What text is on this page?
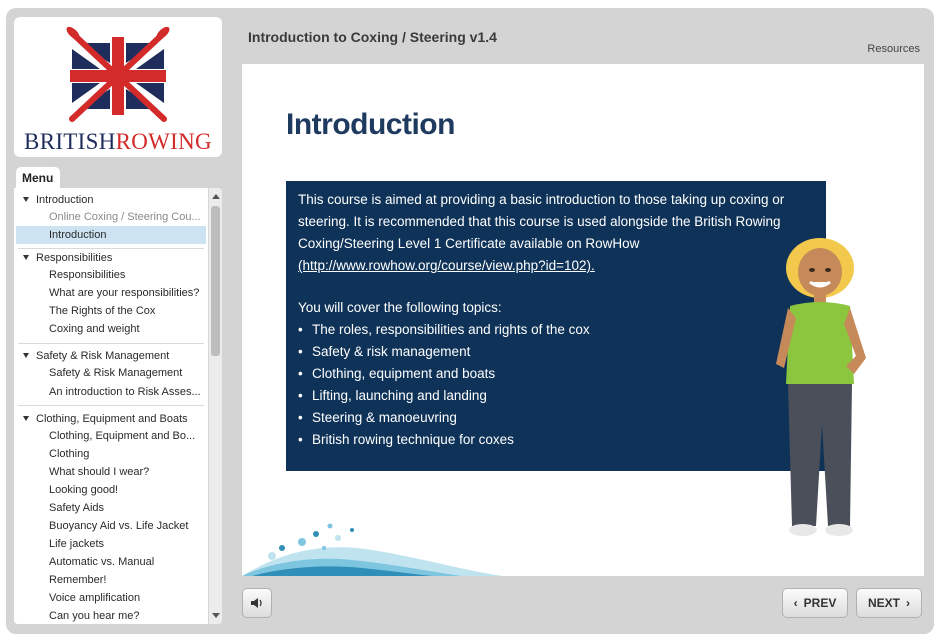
BRITISHROWING
Menu
Introduction
Online Coxing / Steering Cou...
Introduction
Responsibilities
Responsibilities
What are your responsibilities?
The Rights of the Cox
Coxing and weight
Safety & Risk Management
Safety & Risk Management
An introduction to Risk Asses...
Clothing, Equipment and Boats
Clothing, Equipment and Bo...
Clothing
What should I wear?
Looking good!
Safety Aids
Buoyancy Aid vs. Life Jacket
Life jackets
Automatic vs. Manual
Remember!
Voice amplification
Can you hear me?
Introduction to Coxing / Steering v1.4
Resources
Introduction

This course is aimed at providing a basic introduction to those taking up coxing or steering. It is recommended that this course is used alongside the British Rowing Coxing/Steering Level 1 Certificate available on RowHow (http://www.rowhow.org/course/view.php?id=102).

You will cover the following topics:

• The roles, responsibilities and rights of the cox
• Safety & risk management
• Clothing, equipment and boats
• Lifting, launching and landing
• Steering & manoeuvring
• British rowing technique for coxes
‹ PREV	NEXT ›
